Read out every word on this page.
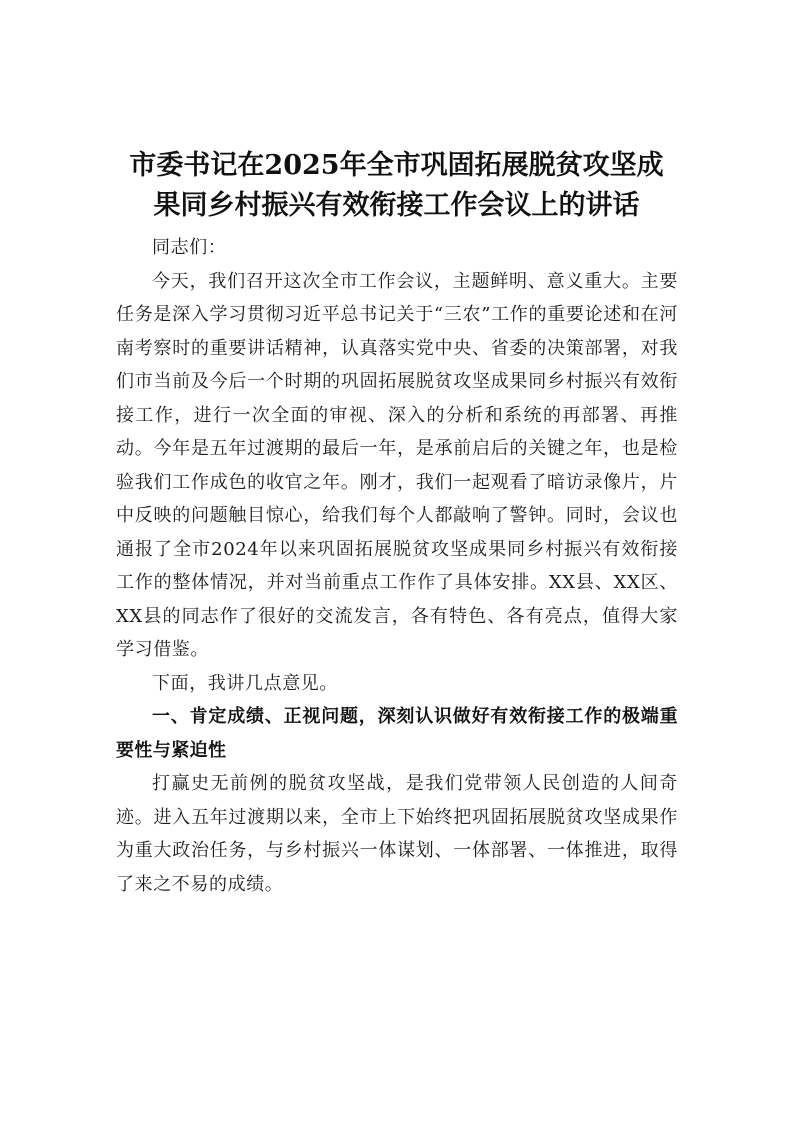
市委书记在2025年全市巩固拓展脱贫攻坚成
果同乡村振兴有效衔接工作会议上的讲话

同志们：

今天，我们召开这次全市工作会议，主题鲜明、意义重大。主要任务是深入学习贯彻习近平总书记关于“三农”工作的重要论述和在河南考察时的重要讲话精神，认真落实党中央、省委的决策部署，对我们市当前及今后一个时期的巩固拓展脱贫攻坚成果同乡村振兴有效衔接工作，进行一次全面的审视、深入的分析和系统的再部署、再推动。今年是五年过渡期的最后一年，是承前启后的关键之年，也是检验我们工作成色的收官之年。刚才，我们一起观看了暗访录像片，片中反映的问题触目惊心，给我们每个人都敲响了警钟。同时，会议也通报了全市2024年以来巩固拓展脱贫攻坚成果同乡村振兴有效衔接工作的整体情况，并对当前重点工作作了具体安排。XX县、XX区、XX县的同志作了很好的交流发言，各有特色、各有亮点，值得大家学习借鉴。

下面，我讲几点意见。

一、肯定成绩、正视问题，深刻认识做好有效衔接工作的极端重要性与紧迫性

打赢史无前例的脱贫攻坚战，是我们党带领人民创造的人间奇迹。进入五年过渡期以来，全市上下始终把巩固拓展脱贫攻坚成果作为重大政治任务，与乡村振兴一体谋划、一体部署、一体推进，取得了来之不易的成绩。
